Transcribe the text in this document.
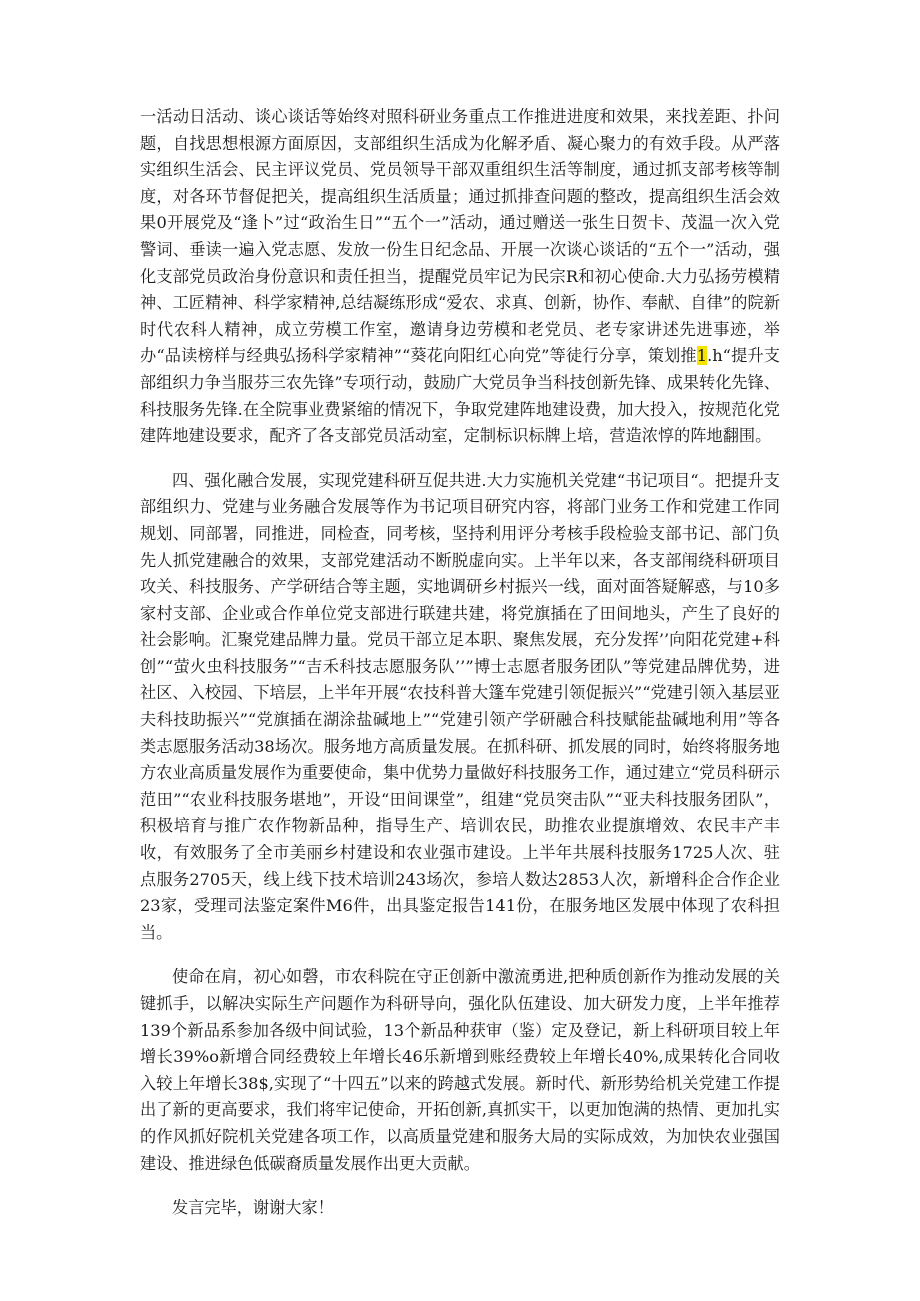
一活动日活动、谈心谈话等始终对照科研业务重点工作推进进度和效果，来找差距、扑问题，自找思想根源方面原因，支部组织生活成为化解矛盾、凝心聚力的有效手段。从严落实组织生活会、民主评议党员、党员领导干部双重组织生活等制度，通过抓支部考核等制度，对各环节督促把关，提高组织生活质量；通过抓排查问题的整改，提高组织生活会效果0开展党及“逢卜”过“政治生日”“五个一”活动，通过赠送一张生日贺卡、茂温一次入党警词、垂读一遍入党志愿、发放一份生日纪念品、开展一次谈心谈话的“五个一”活动，强化支部党员政治身份意识和责任担当，提醒党员牢记为民宗R和初心使命.大力弘扬劳模精神、工匠精神、科学家精神,总结凝练形成“爱农、求真、创新，协作、奉献、自律”的院新时代农科人精神，成立劳模工作室，邀请身边劳模和老党员、老专家讲述先进事迹，举办“品读榜样与经典弘扬科学家精神”“葵花向阳红心向党”等徒行分享，策划推1.h“提升支部组织力争当服芬三农先锋”专项行动，鼓励广大党员争当科技创新先锋、成果转化先锋、科技服务先锋.在全院事业费紧缩的情况下，争取党建阵地建设费，加大投入，按规范化党建阵地建设要求，配齐了各支部党员活动室，定制标识标牌上培，营造浓惇的阵地翻围。

四、强化融合发展，实现党建科研互促共进.大力实施机关党建“书记项目“。把提升支部组织力、党建与业务融合发展等作为书记项目研究内容，将部门业务工作和党建工作同规划、同部署，同推进，同检查，同考核，坚持利用评分考核手段检验支部书记、部门负先人抓党建融合的效果，支部党建活动不断脱虚向实。上半年以来，各支部闱绕科研项目攻关、科技服务、产学研结合等主题，实地调研乡村振兴一线，面对面答疑解惑，与10多家村支部、企业或合作单位党支部进行联建共建，将党旗插在了田间地头，产生了良好的社会影响。汇聚党建品牌力量。党员干部立足本职、聚焦发展，充分发挥’’向阳花党建+科创”“萤火虫科技服务”“吉禾科技志愿服务队’’”博士志愿者服务团队”等党建品牌优势，进社区、入校园、下培层，上半年开展“农技科普大篷车党建引领促振兴”“党建引领入基层亚夫科技助振兴”“党旗插在湖涂盐碱地上”“党建引领产学研融合科技赋能盐碱地利用”等各类志愿服务活动38场次。服务地方高质量发展。在抓科研、抓发展的同时，始终将服务地方农业高质量发展作为重要使命，集中优势力量做好科技服务工作，通过建立“党员科研示范田”“农业科技服务堪地”，开设“田间课堂”，组建“党员突击队”“亚夫科技服务团队”，积极培育与推广农作物新品种，指导生产、培训农民，助推农业提旗增效、农民丰产丰收，有效服务了全市美丽乡村建设和农业强市建设。上半年共展科技服务1725人次、驻点服务2705天，线上线下技术培训243场次，参培人数达2853人次，新增科企合作企业23家，受理司法鉴定案件M6件，出具鉴定报告141份，在服务地区发展中体现了农科担当。

使命在肩，初心如磬，市农科院在守正创新中激流勇进,把种质创新作为推动发展的关键抓手，以解决实际生产问题作为科研导向，强化队伍建设、加大研发力度，上半年推荐139个新品系参加各级中间试验，13个新品种获审（鉴）定及登记，新上科研项目较上年增长39%o新增合同经费较上年增长46乐新增到账经费较上年增长40%,成果转化合同收入较上年增长38$,实现了“十四五”以来的跨越式发展。新时代、新形势给机关党建工作提出了新的更高要求，我们将牢记使命，开拓创新,真抓实干，以更加饱满的热情、更加扎实的作风抓好院机关党建各项工作，以高质量党建和服务大局的实际成效，为加快农业强国建设、推进绿色低碳裔质量发展作出更大贡献。

发言完毕，谢谢大家！
